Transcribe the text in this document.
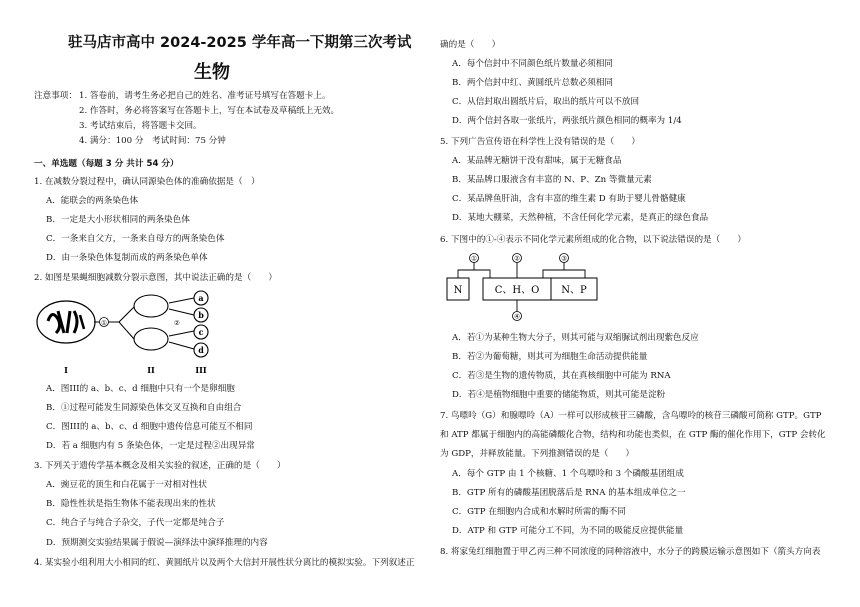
驻马店市高中 2024-2025 学年高一下期第三次考试
生物
注意事项： 1. 答卷前，请考生务必把自己的姓名、准考证号填写在答题卡上。
2. 作答时，务必将答案写在答题卡上，写在本试卷及草稿纸上无效。
3. 考试结束后，将答题卡交回。
4. 满分：100 分　考试时间：75 分钟
一、单选题（每题 3 分 共计 54 分）
1. 在减数分裂过程中，确认同源染色体的准确依据是（　）
A．能联会的两条染色体
B．一定是大小形状相同的两条染色体
C．一条来自父方，一条来自母方的两条染色体
D．由一条染色体复制而成的两条染色单体
2. 如图是果蝇细胞减数分裂示意图，其中说法正确的是（　　）
①	②
a
b
c
d
I	II	III
A．图III的 a、b、c、d 细胞中只有一个是卵细胞
B．①过程可能发生同源染色体交叉互换和自由组合
C．图III的 a、b、c、d 细胞中遗传信息可能互不相同
D．若 a 细胞内有 5 条染色体，一定是过程②出现异常
3. 下列关于遗传学基本概念及相关实验的叙述，正确的是（　　）
A．豌豆花的顶生和白花属于一对相对性状
B．隐性性状是指生物体不能表现出来的性状
C．纯合子与纯合子杂交，子代一定都是纯合子
D．预期测交实验结果属于假说—演绎法中演绎推理的内容
4. 某实验小组利用大小相同的红、黄圆纸片以及两个大信封开展性状分离比的模拟实验。下列叙述正
确的是（　　）
A．每个信封中不同颜色纸片数量必须相同
B．两个信封中红、黄圆纸片总数必须相同
C．从信封取出圆纸片后，取出的纸片可以不放回
D．两个信封各取一张纸片，两张纸片颜色相同的概率为 1/4
5. 下列广告宣传语在科学性上没有错误的是（　　）
A．某品牌无糖饼干没有甜味，属于无糖食品
B．某品牌口服液含有丰富的 N、P、Zn 等微量元素
C．某品牌鱼肝油，含有丰富的维生素 D 有助于婴儿骨骼健康
D．某地大棚菜，天然种植，不含任何化学元素，是真正的绿色食品
6. 下图中的①-④表示不同化学元素所组成的化合物，以下说法错误的是（　　）
N	C、H、O N、P
①	②	③
④
A．若①为某种生物大分子，则其可能与双缩脲试剂出现紫色反应
B．若②为葡萄糖，则其可为细胞生命活动提供能量
C．若③是生物的遗传物质，其在真核细胞中可能为 RNA
D．若④是植物细胞中重要的储能物质，则其可能是淀粉
7. 鸟嘌呤（G）和腺嘌呤（A）一样可以形成核苷三磷酸，含鸟嘌呤的核苷三磷酸可简称 GTP。GTP
和 ATP 都属于细胞内的高能磷酸化合物，结构和功能也类似，在 GTP 酶的催化作用下，GTP 会转化
为 GDP，并释放能量。下列推测错误的是（　　）
A．每个 GTP 由 1 个核糖、1 个鸟嘌呤和 3 个磷酸基团组成
B．GTP 所有的磷酸基团脱落后是 RNA 的基本组成单位之一
C．GTP 在细胞内合成和水解时所需的酶不同
D．ATP 和 GTP 可能分工不同，为不同的吸能反应提供能量
8. 将家兔红细胞置于甲乙丙三种不同浓度的同种溶液中，水分子的跨膜运输示意图如下（箭头方向表
